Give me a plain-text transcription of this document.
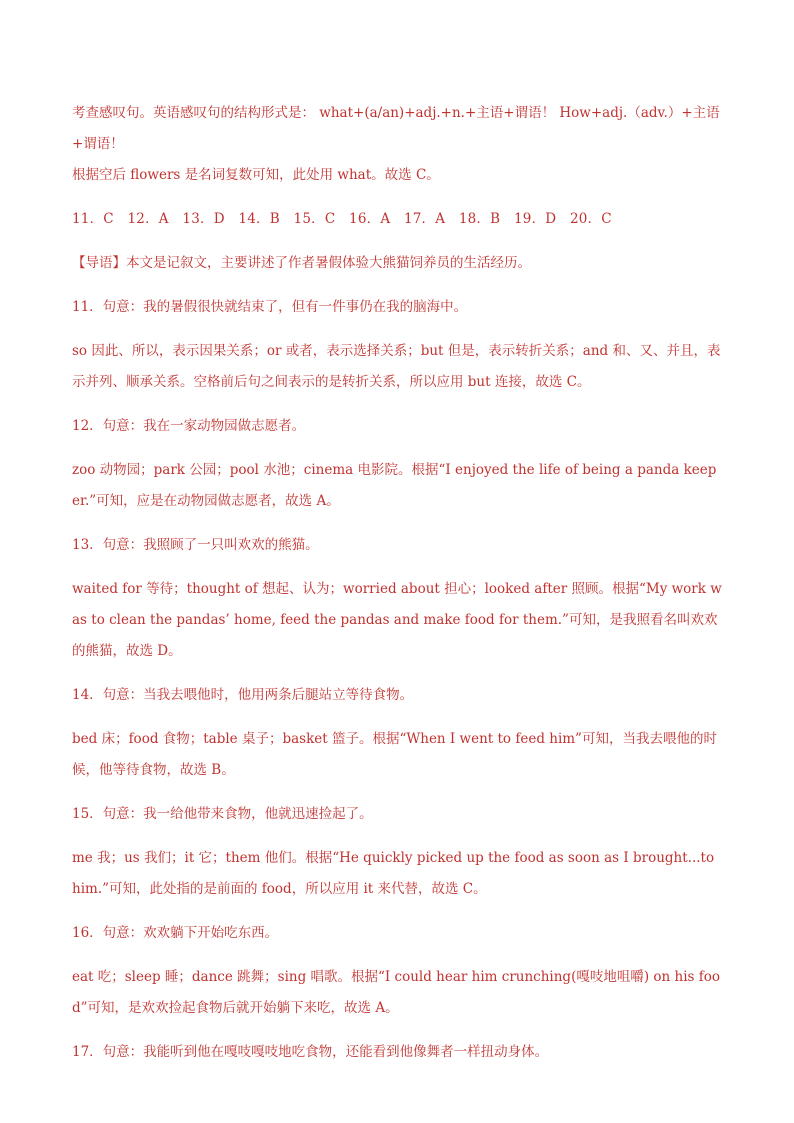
考查感叹句。英语感叹句的结构形式是： what+(a/an)+adj.+n.+主语+谓语！ How+adj.（adv.）+主语+谓语！
根据空后 flowers 是名词复数可知，此处用 what。故选 C。

11．C　12．A　13．D　14．B　15．C　16．A　17．A　18．B　19．D　20．C

【导语】本文是记叙文，主要讲述了作者暑假体验大熊猫饲养员的生活经历。

11．句意：我的暑假很快就结束了，但有一件事仍在我的脑海中。

so 因此、所以，表示因果关系；or 或者，表示选择关系；but 但是，表示转折关系；and 和、又、并且，表示并列、顺承关系。空格前后句之间表示的是转折关系，所以应用 but 连接，故选 C。

12．句意：我在一家动物园做志愿者。

zoo 动物园；park 公园；pool 水池；cinema 电影院。根据“I enjoyed the life of being a panda keeper.”可知，应是在动物园做志愿者，故选 A。

13．句意：我照顾了一只叫欢欢的熊猫。

waited for 等待；thought of 想起、认为；worried about 担心；looked after 照顾。根据“My work was to clean the pandas’ home, feed the pandas and make food for them.”可知，是我照看名叫欢欢的熊猫，故选 D。

14．句意：当我去喂他时，他用两条后腿站立等待食物。

bed 床；food 食物；table 桌子；basket 篮子。根据“When I went to feed him”可知，当我去喂他的时候，他等待食物，故选 B。

15．句意：我一给他带来食物，他就迅速捡起了。

me 我；us 我们；it 它；them 他们。根据“He quickly picked up the food as soon as I brought...to him.”可知，此处指的是前面的 food，所以应用 it 来代替，故选 C。

16．句意：欢欢躺下开始吃东西。

eat 吃；sleep 睡；dance 跳舞；sing 唱歌。根据“I could hear him crunching(嘎吱地咀嚼) on his food”可知，是欢欢捡起食物后就开始躺下来吃，故选 A。

17．句意：我能听到他在嘎吱嘎吱地吃食物，还能看到他像舞者一样扭动身体。
